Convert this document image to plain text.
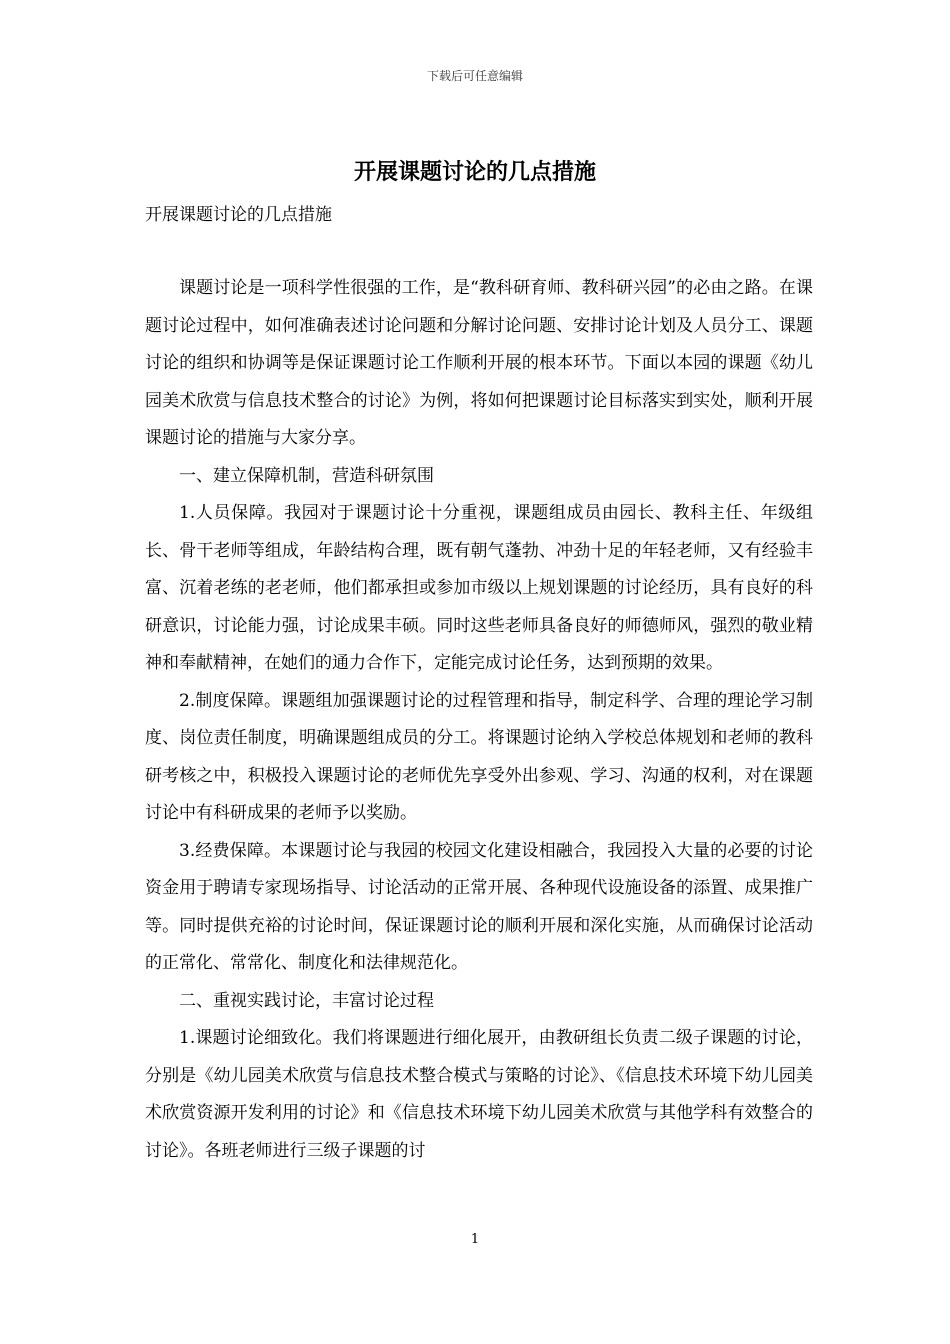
下载后可任意编辑
开展课题讨论的几点措施
开展课题讨论的几点措施

课题讨论是一项科学性很强的工作，是“教科研育师、教科研兴园”的必由之路。在课题讨论过程中，如何准确表述讨论问题和分解讨论问题、安排讨论计划及人员分工、课题讨论的组织和协调等是保证课题讨论工作顺利开展的根本环节。下面以本园的课题《幼儿园美术欣赏与信息技术整合的讨论》为例，将如何把课题讨论目标落实到实处，顺利开展课题讨论的措施与大家分享。

一、建立保障机制，营造科研氛围

1.人员保障。我园对于课题讨论十分重视，课题组成员由园长、教科主任、年级组长、骨干老师等组成，年龄结构合理，既有朝气蓬勃、冲劲十足的年轻老师，又有经验丰富、沉着老练的老老师，他们都承担或参加市级以上规划课题的讨论经历，具有良好的科研意识，讨论能力强，讨论成果丰硕。同时这些老师具备良好的师德师风，强烈的敬业精神和奉献精神，在她们的通力合作下，定能完成讨论任务，达到预期的效果。

2.制度保障。课题组加强课题讨论的过程管理和指导，制定科学、合理的理论学习制度、岗位责任制度，明确课题组成员的分工。将课题讨论纳入学校总体规划和老师的教科研考核之中，积极投入课题讨论的老师优先享受外出参观、学习、沟通的权利，对在课题讨论中有科研成果的老师予以奖励。

3.经费保障。本课题讨论与我园的校园文化建设相融合，我园投入大量的必要的讨论资金用于聘请专家现场指导、讨论活动的正常开展、各种现代设施设备的添置、成果推广等。同时提供充裕的讨论时间，保证课题讨论的顺利开展和深化实施，从而确保讨论活动的正常化、常常化、制度化和法律规范化。

二、重视实践讨论，丰富讨论过程

1.课题讨论细致化。我们将课题进行细化展开，由教研组长负责二级子课题的讨论，分别是《幼儿园美术欣赏与信息技术整合模式与策略的讨论》、《信息技术环境下幼儿园美术欣赏资源开发利用的讨论》和《信息技术环境下幼儿园美术欣赏与其他学科有效整合的讨论》。各班老师进行三级子课题的讨

1
